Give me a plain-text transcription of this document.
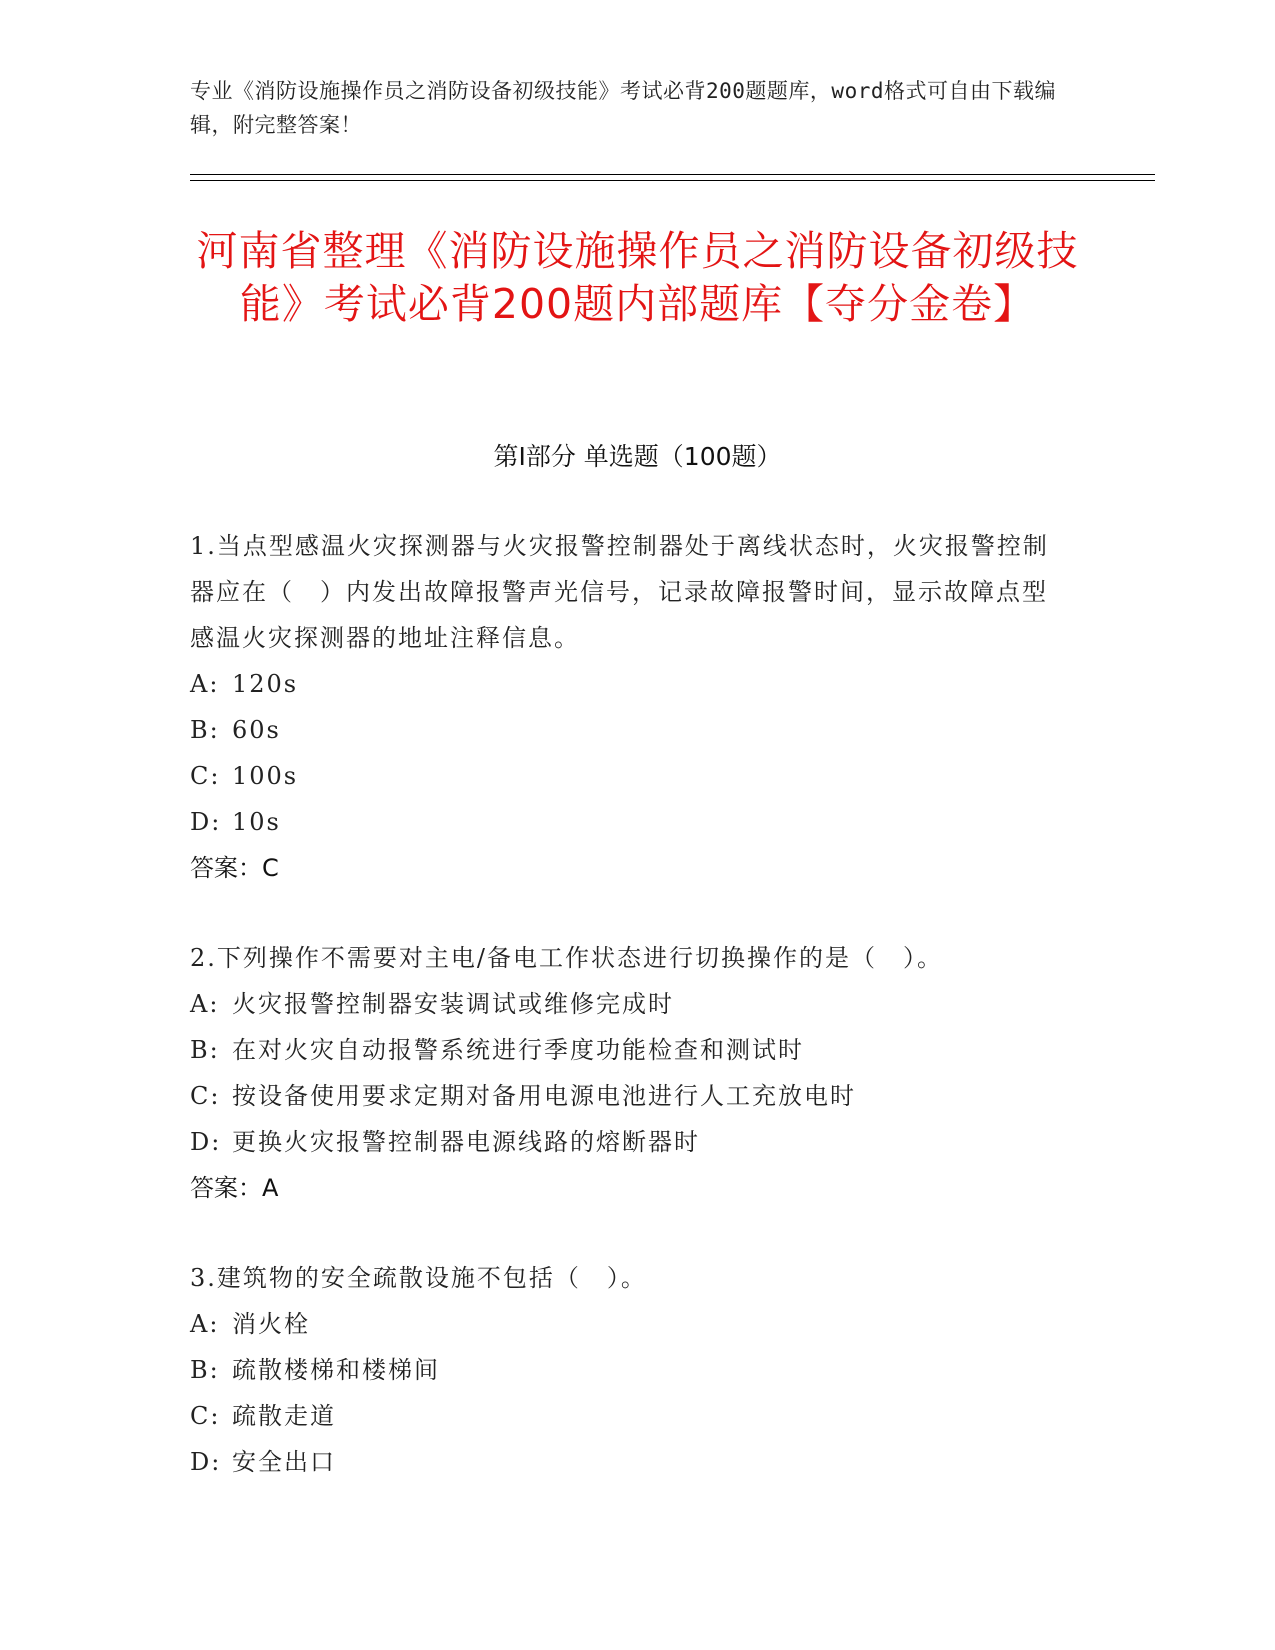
专业《消防设施操作员之消防设备初级技能》考试必背200题题库，word格式可自由下载编辑，附完整答案！
河南省整理《消防设施操作员之消防设备初级技能》考试必背200题内部题库【夺分金卷】
第I部分 单选题（100题）
1.当点型感温火灾探测器与火灾报警控制器处于离线状态时，火灾报警控制器应在（　）内发出故障报警声光信号，记录故障报警时间，显示故障点型感温火灾探测器的地址注释信息。
A: 120s
B: 60s
C: 100s
D: 10s
答案：C
2.下列操作不需要对主电/备电工作状态进行切换操作的是（　）。
A: 火灾报警控制器安装调试或维修完成时
B: 在对火灾自动报警系统进行季度功能检查和测试时
C: 按设备使用要求定期对备用电源电池进行人工充放电时
D: 更换火灾报警控制器电源线路的熔断器时
答案：A
3.建筑物的安全疏散设施不包括（　）。
A: 消火栓
B: 疏散楼梯和楼梯间
C: 疏散走道
D: 安全出口
